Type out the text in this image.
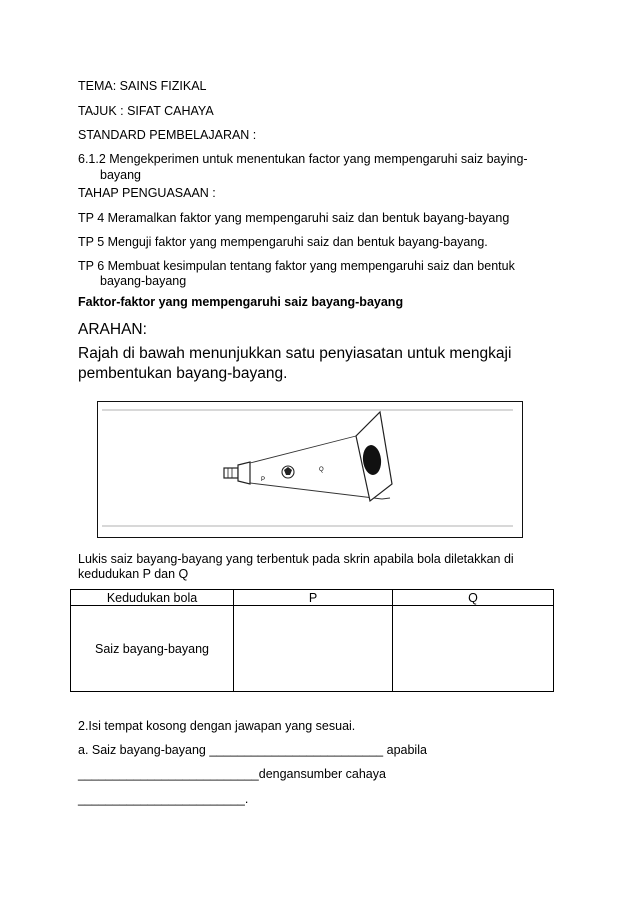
TEMA: SAINS FIZIKAL
TAJUK : SIFAT CAHAYA
STANDARD PEMBELAJARAN :
6.1.2 Mengekperimen untuk menentukan factor yang mempengaruhi saiz baying-
bayang
TAHAP PENGUASAAN :
TP 4 Meramalkan faktor yang mempengaruhi saiz dan bentuk bayang-bayang
TP 5 Menguji faktor yang mempengaruhi saiz dan bentuk bayang-bayang.
TP 6 Membuat kesimpulan tentang faktor yang mempengaruhi saiz dan bentuk
bayang-bayang
Faktor-faktor yang mempengaruhi saiz bayang-bayang
ARAHAN:
Rajah di bawah menunjukkan satu penyiasatan untuk mengkaji
pembentukan bayang-bayang.
P
Q
Lukis saiz bayang-bayang yang terbentuk pada skrin apabila bola diletakkan di
kedudukan P dan Q
Kedudukan bola	P	Q
Saiz bayang-bayang		
2.Isi tempat kosong dengan jawapan yang sesuai.
a. Saiz bayang-bayang _________________________ apabila
__________________________dengansumber cahaya
________________________.
